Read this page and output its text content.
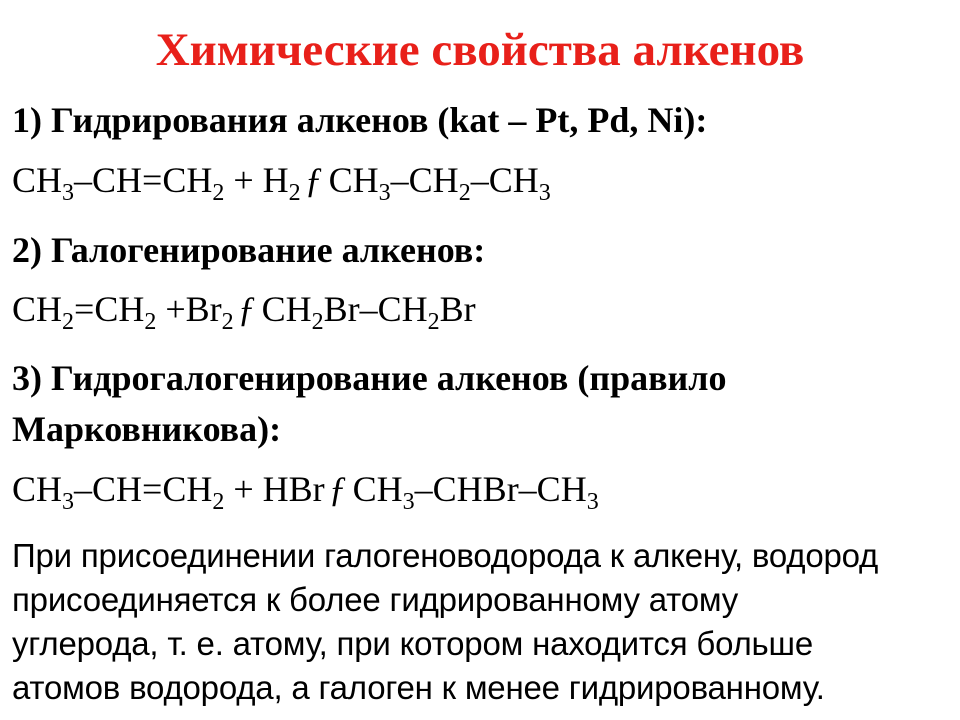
Химические свойства алкенов
1) Гидрирования алкенов (kat – Pt, Pd, Ni):
$CH_3-CH=CH_2 + H_2$ ƒ $CH_3-CH_2-CH_3$
2) Галогенирование алкенов:
$CH_2=CH_2 +Br_2$ ƒ $CH_2Br-CH_2Br$
3) Гидрогалогенирование алкенов (правило
Марковникова):
$CH_3-CH=CH_2$ + HBr ƒ $CH_3-CHBr-CH_3$
При присоединении галогеноводорода к алкену, водород
присоединяется к более гидрированному атому
углерода, т. е. атому, при котором находится больше
атомов водорода, а галоген к менее гидрированному.
